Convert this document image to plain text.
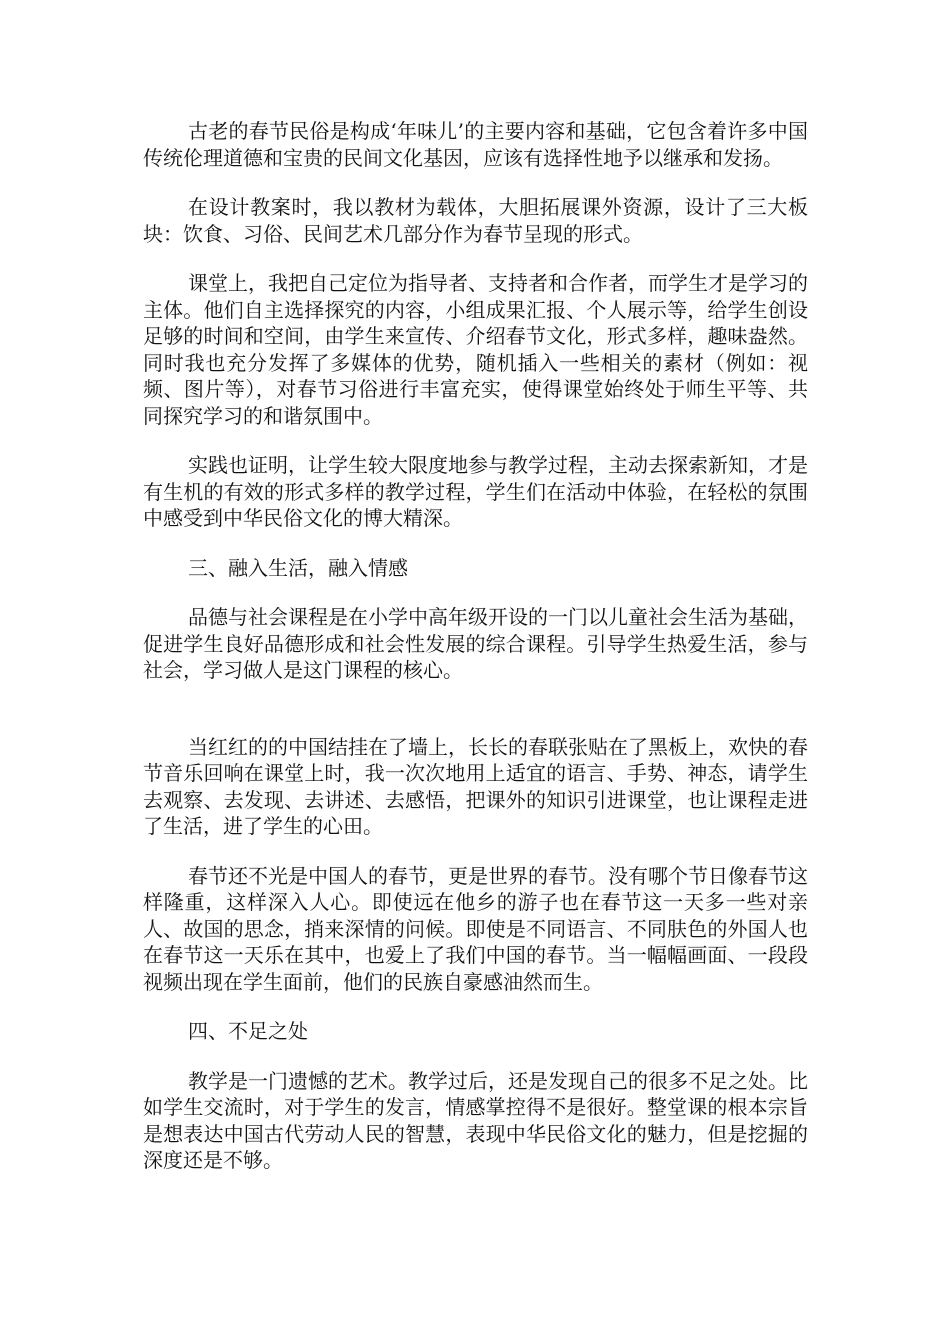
古老的春节民俗是构成‘年味儿’的主要内容和基础，它包含着许多中国传统伦理道德和宝贵的民间文化基因，应该有选择性地予以继承和发扬。

在设计教案时，我以教材为载体，大胆拓展课外资源，设计了三大板块：饮食、习俗、民间艺术几部分作为春节呈现的形式。

课堂上，我把自己定位为指导者、支持者和合作者，而学生才是学习的主体。他们自主选择探究的内容，小组成果汇报、个人展示等，给学生创设足够的时间和空间，由学生来宣传、介绍春节文化，形式多样，趣味盎然。同时我也充分发挥了多媒体的优势，随机插入一些相关的素材（例如：视频、图片等），对春节习俗进行丰富充实，使得课堂始终处于师生平等、共同探究学习的和谐氛围中。

实践也证明，让学生较大限度地参与教学过程，主动去探索新知，才是有生机的有效的形式多样的教学过程，学生们在活动中体验，在轻松的氛围中感受到中华民俗文化的博大精深。

三、融入生活，融入情感

品德与社会课程是在小学中高年级开设的一门以儿童社会生活为基础，促进学生良好品德形成和社会性发展的综合课程。引导学生热爱生活，参与社会，学习做人是这门课程的核心。

当红红的的中国结挂在了墙上，长长的春联张贴在了黑板上，欢快的春节音乐回响在课堂上时，我一次次地用上适宜的语言、手势、神态，请学生去观察、去发现、去讲述、去感悟，把课外的知识引进课堂，也让课程走进了生活，进了学生的心田。

春节还不光是中国人的春节，更是世界的春节。没有哪个节日像春节这样隆重，这样深入人心。即使远在他乡的游子也在春节这一天多一些对亲人、故国的思念，捎来深情的问候。即使是不同语言、不同肤色的外国人也在春节这一天乐在其中，也爱上了我们中国的春节。当一幅幅画面、一段段视频出现在学生面前，他们的民族自豪感油然而生。

四、不足之处

教学是一门遗憾的艺术。教学过后，还是发现自己的很多不足之处。比如学生交流时，对于学生的发言，情感掌控得不是很好。整堂课的根本宗旨是想表达中国古代劳动人民的智慧，表现中华民俗文化的魅力，但是挖掘的深度还是不够。
